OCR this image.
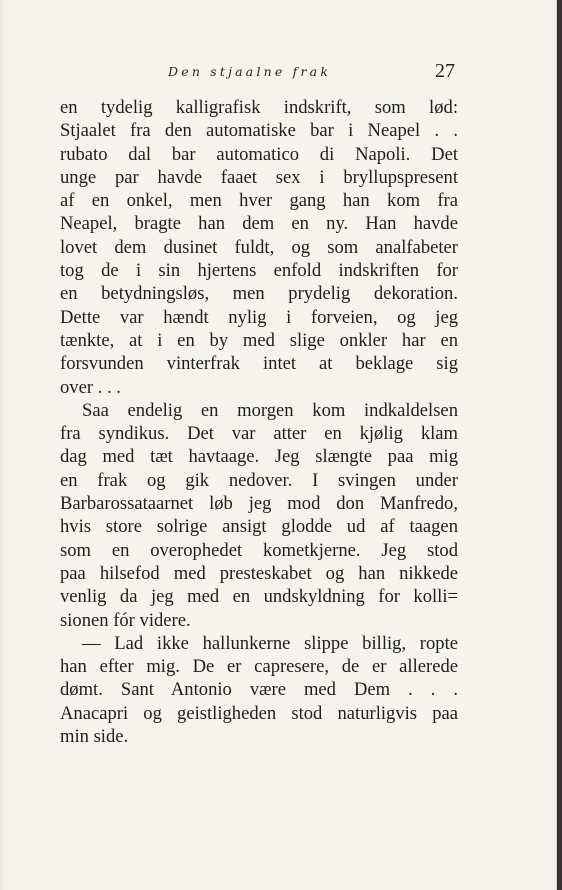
Den stjaalne frak	27
en tydelig kalligrafisk indskrift, som lød:
Stjaalet fra den automatiske bar i Neapel . .
rubato dal bar automatico di Napoli. Det
unge par havde faaet sex i bryllupspresent
af en onkel, men hver gang han kom fra
Neapel, bragte han dem en ny. Han havde
lovet dem dusinet fuldt, og som analfabeter
tog de i sin hjertens enfold indskriften for
en betydningsløs, men prydelig dekoration.
Dette var hændt nylig i forveien, og jeg
tænkte, at i en by med slige onkler har en
forsvunden vinterfrak intet at beklage sig
over . . .
Saa endelig en morgen kom indkaldelsen
fra syndikus. Det var atter en kjølig klam
dag med tæt havtaage. Jeg slængte paa mig
en frak og gik nedover. I svingen under
Barbarossataarnet løb jeg mod don Manfredo,
hvis store solrige ansigt glodde ud af taagen
som en overophedet kometkjerne. Jeg stod
paa hilsefod med presteskabet og han nikkede
venlig da jeg med en undskyldning for kolli=
sionen fór videre.
— Lad ikke hallunkerne slippe billig, ropte
han efter mig. De er capresere, de er allerede
dømt. Sant Antonio være med Dem . . .
Anacapri og geistligheden stod naturligvis paa
min side.
